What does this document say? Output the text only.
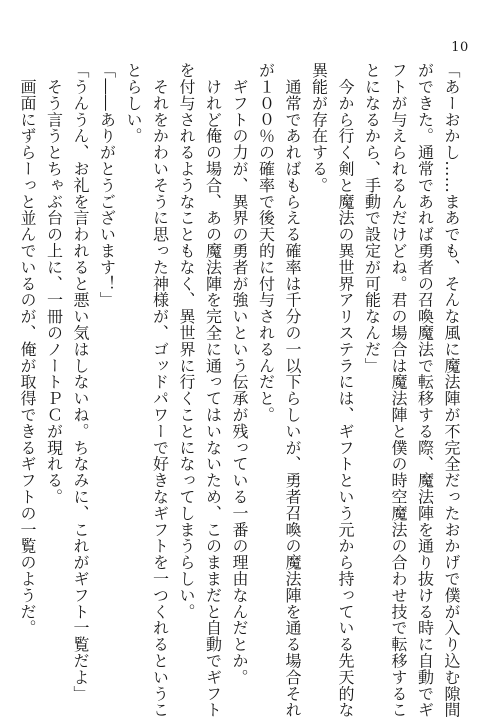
10
「あーおかし……まあでも、そんな風に魔法陣が不完全だったおかげで僕が入り込む隙間
ができた。通常であれば勇者の召喚魔法で転移する際、魔法陣を通り抜ける時に自動でギ
フトが与えられるんだけどね。君の場合は魔法陣と僕の時空魔法の合わせ技で転移するこ
とになるから、手動で設定が可能なんだ」
　今から行く剣と魔法の異世界アリステラには、ギフトという元から持っている先天的な
異能が存在する。
　通常であればもらえる確率は千分の一以下らしいが、勇者召喚の魔法陣を通る場合それ
が１００％の確率で後天的に付与されるんだと。
　ギフトの力が、異界の勇者が強いという伝承が残っている一番の理由なんだとか。
　けれど俺の場合、あの魔法陣を完全に通ってはいないため、このままだと自動でギフト
を付与されるようなこともなく、異世界に行くことになってしまうらしい。
　それをかわいそうに思った神様が、ゴッドパワーで好きなギフトを一つくれるというこ
とらしい。
「――ありがとうございます！」
「うんうん、お礼を言われると悪い気はしないね。ちなみに、これがギフト一覧だよ」
　そう言うとちゃぶ台の上に、一冊のノートＰＣが現れる。
　画面にずらーっと並んでいるのが、俺が取得できるギフトの一覧のようだ。
